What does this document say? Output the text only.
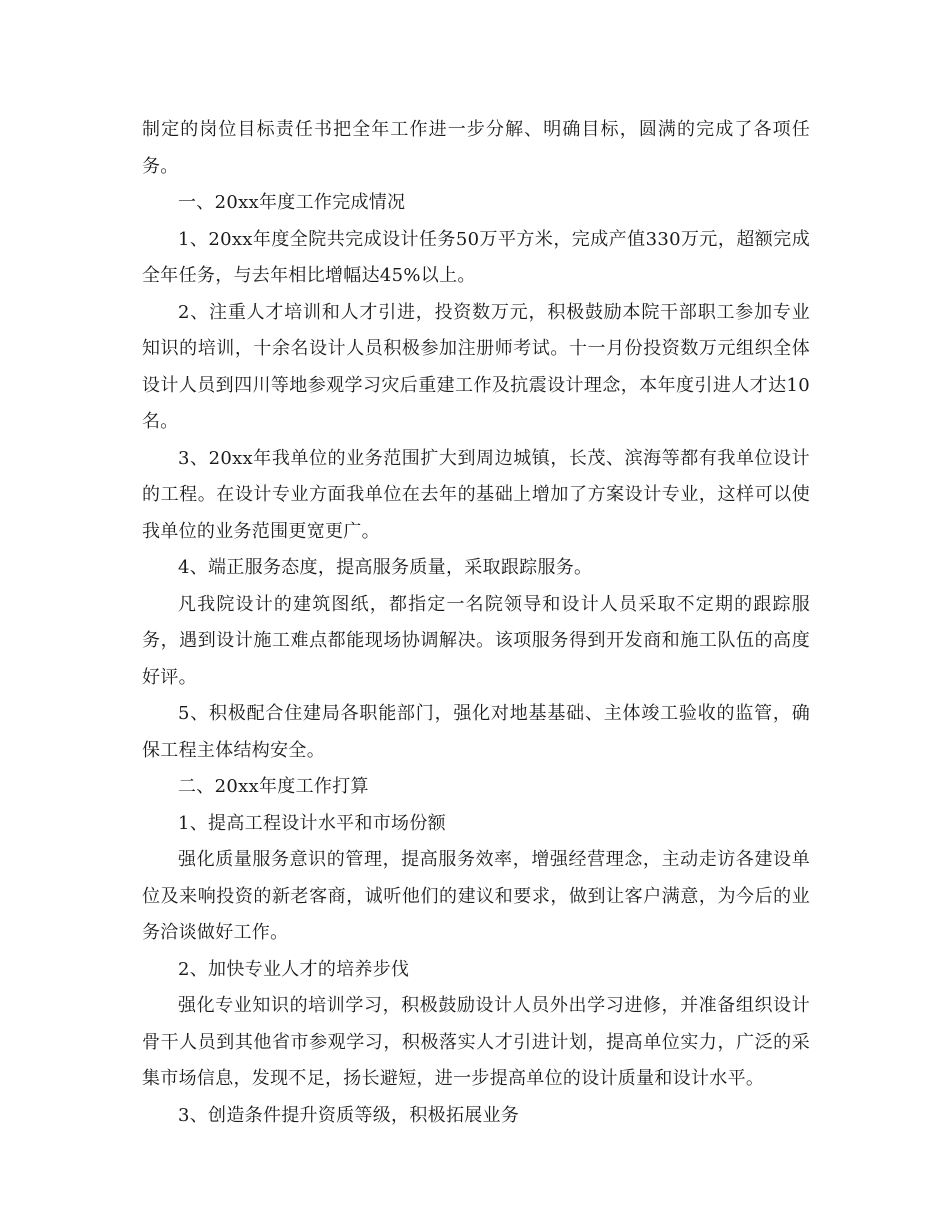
制定的岗位目标责任书把全年工作进一步分解、明确目标，圆满的完成了各项任务。

一、20xx年度工作完成情况

1、20xx年度全院共完成设计任务50万平方米，完成产值330万元，超额完成全年任务，与去年相比增幅达45%以上。

2、注重人才培训和人才引进，投资数万元，积极鼓励本院干部职工参加专业知识的培训，十余名设计人员积极参加注册师考试。十一月份投资数万元组织全体设计人员到四川等地参观学习灾后重建工作及抗震设计理念，本年度引进人才达10名。

3、20xx年我单位的业务范围扩大到周边城镇，长茂、滨海等都有我单位设计的工程。在设计专业方面我单位在去年的基础上增加了方案设计专业，这样可以使我单位的业务范围更宽更广。

4、端正服务态度，提高服务质量，采取跟踪服务。

凡我院设计的建筑图纸，都指定一名院领导和设计人员采取不定期的跟踪服务，遇到设计施工难点都能现场协调解决。该项服务得到开发商和施工队伍的高度好评。

5、积极配合住建局各职能部门，强化对地基基础、主体竣工验收的监管，确保工程主体结构安全。

二、20xx年度工作打算

1、提高工程设计水平和市场份额

强化质量服务意识的管理，提高服务效率，增强经营理念，主动走访各建设单位及来响投资的新老客商，诚听他们的建议和要求，做到让客户满意，为今后的业务洽谈做好工作。

2、加快专业人才的培养步伐

强化专业知识的培训学习，积极鼓励设计人员外出学习进修，并准备组织设计骨干人员到其他省市参观学习，积极落实人才引进计划，提高单位实力，广泛的采集市场信息，发现不足，扬长避短，进一步提高单位的设计质量和设计水平。

3、创造条件提升资质等级，积极拓展业务
